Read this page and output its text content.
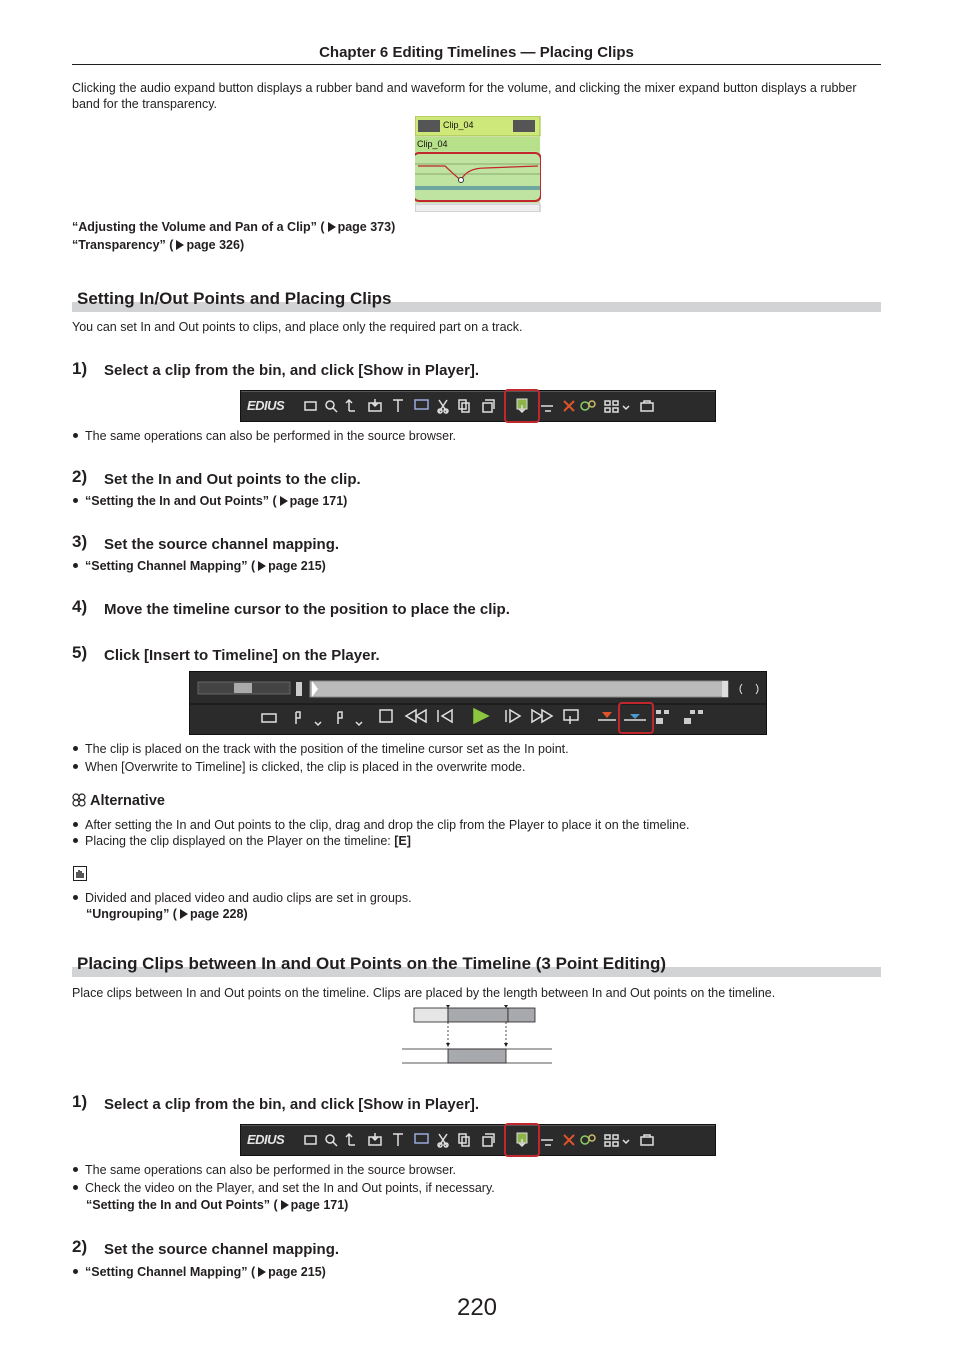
Chapter 6 Editing Timelines — Placing Clips
Clicking the audio expand button displays a rubber band and waveform for the volume, and clicking the mixer expand button displays a rubber band for the transparency.
Clip_04
Clip_04
“Adjusting the Volume and Pan of a Clip” ( page 373)
“Transparency” ( page 326)
Setting In/Out Points and Placing Clips
You can set In and Out points to clips, and place only the required part on a track.
1) Select a clip from the bin, and click [Show in Player].
EDIUS
The same operations can also be performed in the source browser.
2) Set the In and Out points to the clip.
“Setting the In and Out Points” ( page 171)
3) Set the source channel mapping.
“Setting Channel Mapping” ( page 215)
4) Move the timeline cursor to the position to place the clip.
5) Click [Insert to Timeline] on the Player.
The clip is placed on the track with the position of the timeline cursor set as the In point.
When [Overwrite to Timeline] is clicked, the clip is placed in the overwrite mode.
Alternative
After setting the In and Out points to the clip, drag and drop the clip from the Player to place it on the timeline.
Placing the clip displayed on the Player on the timeline: [E]
Divided and placed video and audio clips are set in groups.
“Ungrouping” ( page 228)
Placing Clips between In and Out Points on the Timeline (3 Point Editing)
Place clips between In and Out points on the timeline. Clips are placed by the length between In and Out points on the timeline.
1) Select a clip from the bin, and click [Show in Player].
EDIUS
The same operations can also be performed in the source browser.
Check the video on the Player, and set the In and Out points, if necessary.
“Setting the In and Out Points” ( page 171)
2) Set the source channel mapping.
“Setting Channel Mapping” ( page 215)
220
